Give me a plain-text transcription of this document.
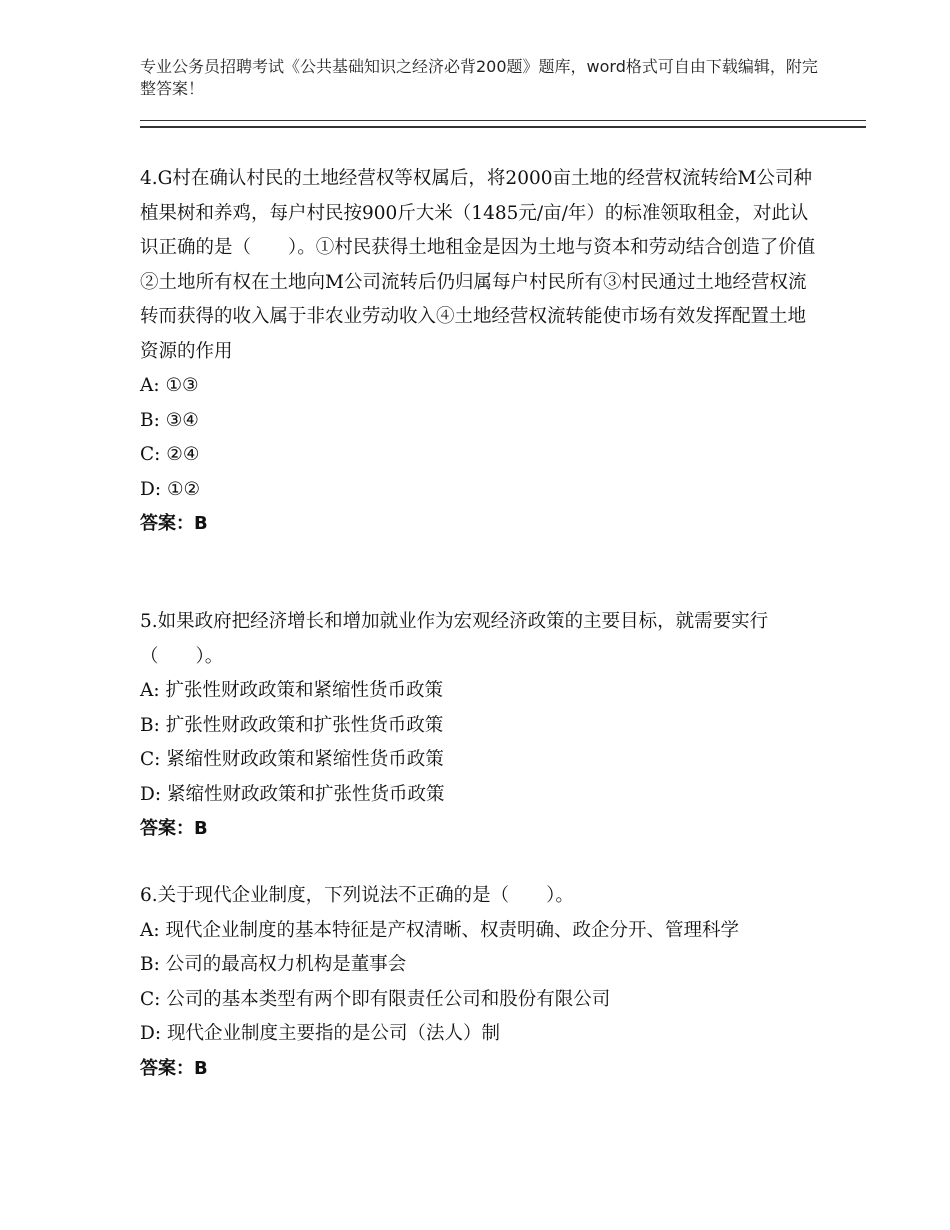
专业公务员招聘考试《公共基础知识之经济必背200题》题库，word格式可自由下载编辑，附完整答案！

4.G村在确认村民的土地经营权等权属后，将2000亩土地的经营权流转给M公司种植果树和养鸡，每户村民按900斤大米（1485元/亩/年）的标准领取租金，对此认识正确的是（　　）。①村民获得土地租金是因为土地与资本和劳动结合创造了价值②土地所有权在土地向M公司流转后仍归属每户村民所有③村民通过土地经营权流转而获得的收入属于非农业劳动收入④土地经营权流转能使市场有效发挥配置土地资源的作用

A: ①③

B: ③④

C: ②④

D: ①②

答案：B

5.如果政府把经济增长和增加就业作为宏观经济政策的主要目标，就需要实行（　　）。

A: 扩张性财政政策和紧缩性货币政策

B: 扩张性财政政策和扩张性货币政策

C: 紧缩性财政政策和紧缩性货币政策

D: 紧缩性财政政策和扩张性货币政策

答案：B

6.关于现代企业制度，下列说法不正确的是（　　）。

A: 现代企业制度的基本特征是产权清晰、权责明确、政企分开、管理科学

B: 公司的最高权力机构是董事会

C: 公司的基本类型有两个即有限责任公司和股份有限公司

D: 现代企业制度主要指的是公司（法人）制

答案：B
